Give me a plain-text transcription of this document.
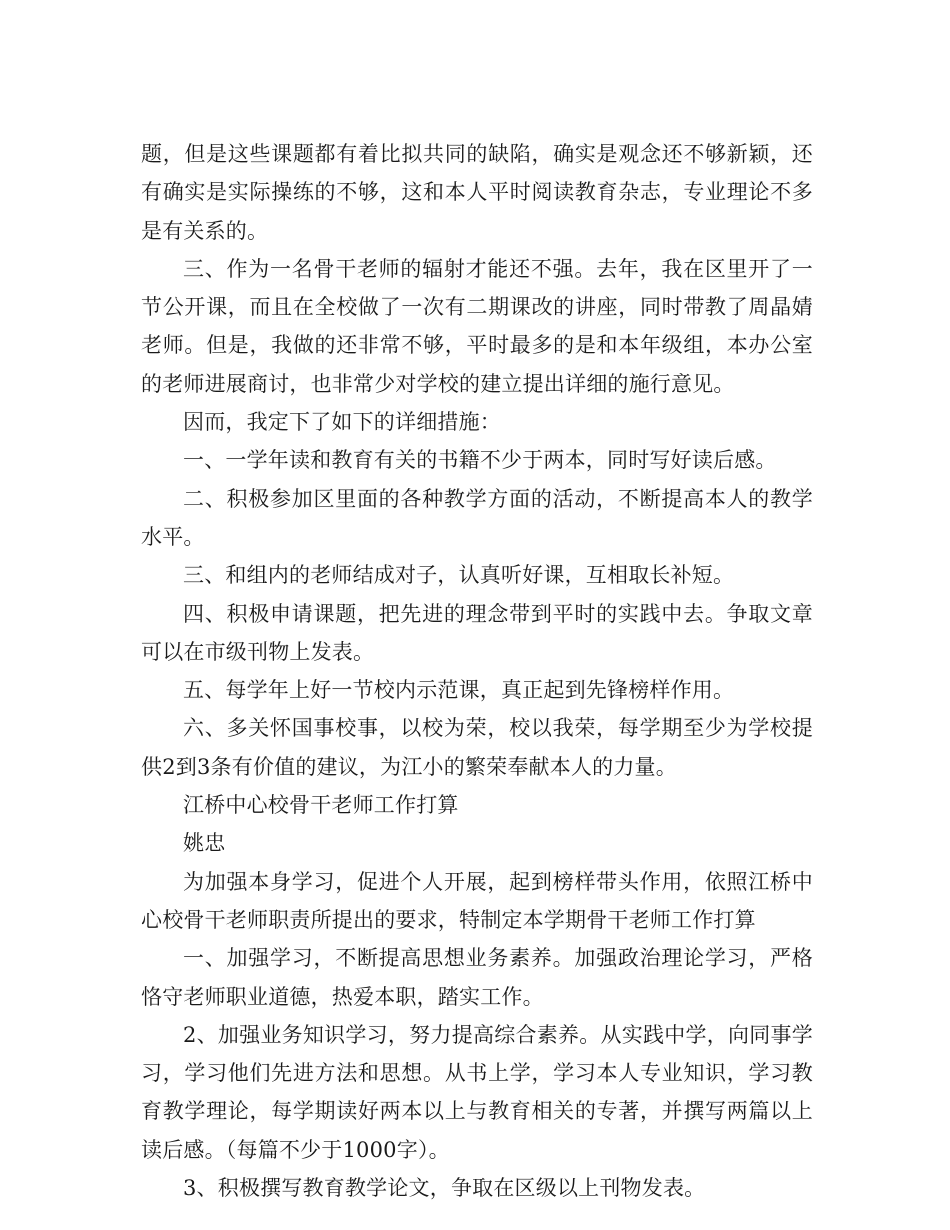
题，但是这些课题都有着比拟共同的缺陷，确实是观念还不够新颖，还有确实是实际操练的不够，这和本人平时阅读教育杂志，专业理论不多是有关系的。

三、作为一名骨干老师的辐射才能还不强。去年，我在区里开了一节公开课，而且在全校做了一次有二期课改的讲座，同时带教了周晶婧老师。但是，我做的还非常不够，平时最多的是和本年级组，本办公室的老师进展商讨，也非常少对学校的建立提出详细的施行意见。

因而，我定下了如下的详细措施：

一、一学年读和教育有关的书籍不少于两本，同时写好读后感。

二、积极参加区里面的各种教学方面的活动，不断提高本人的教学水平。

三、和组内的老师结成对子，认真听好课，互相取长补短。

四、积极申请课题，把先进的理念带到平时的实践中去。争取文章可以在市级刊物上发表。

五、每学年上好一节校内示范课，真正起到先锋榜样作用。

六、多关怀国事校事，以校为荣，校以我荣，每学期至少为学校提供2到3条有价值的建议，为江小的繁荣奉献本人的力量。

江桥中心校骨干老师工作打算

姚忠

为加强本身学习，促进个人开展，起到榜样带头作用，依照江桥中心校骨干老师职责所提出的要求，特制定本学期骨干老师工作打算

一、加强学习，不断提高思想业务素养。加强政治理论学习，严格恪守老师职业道德，热爱本职，踏实工作。

2、加强业务知识学习，努力提高综合素养。从实践中学，向同事学习，学习他们先进方法和思想。从书上学，学习本人专业知识，学习教育教学理论，每学期读好两本以上与教育相关的专著，并撰写两篇以上读后感。（每篇不少于1000字）。

3、积极撰写教育教学论文，争取在区级以上刊物发表。
